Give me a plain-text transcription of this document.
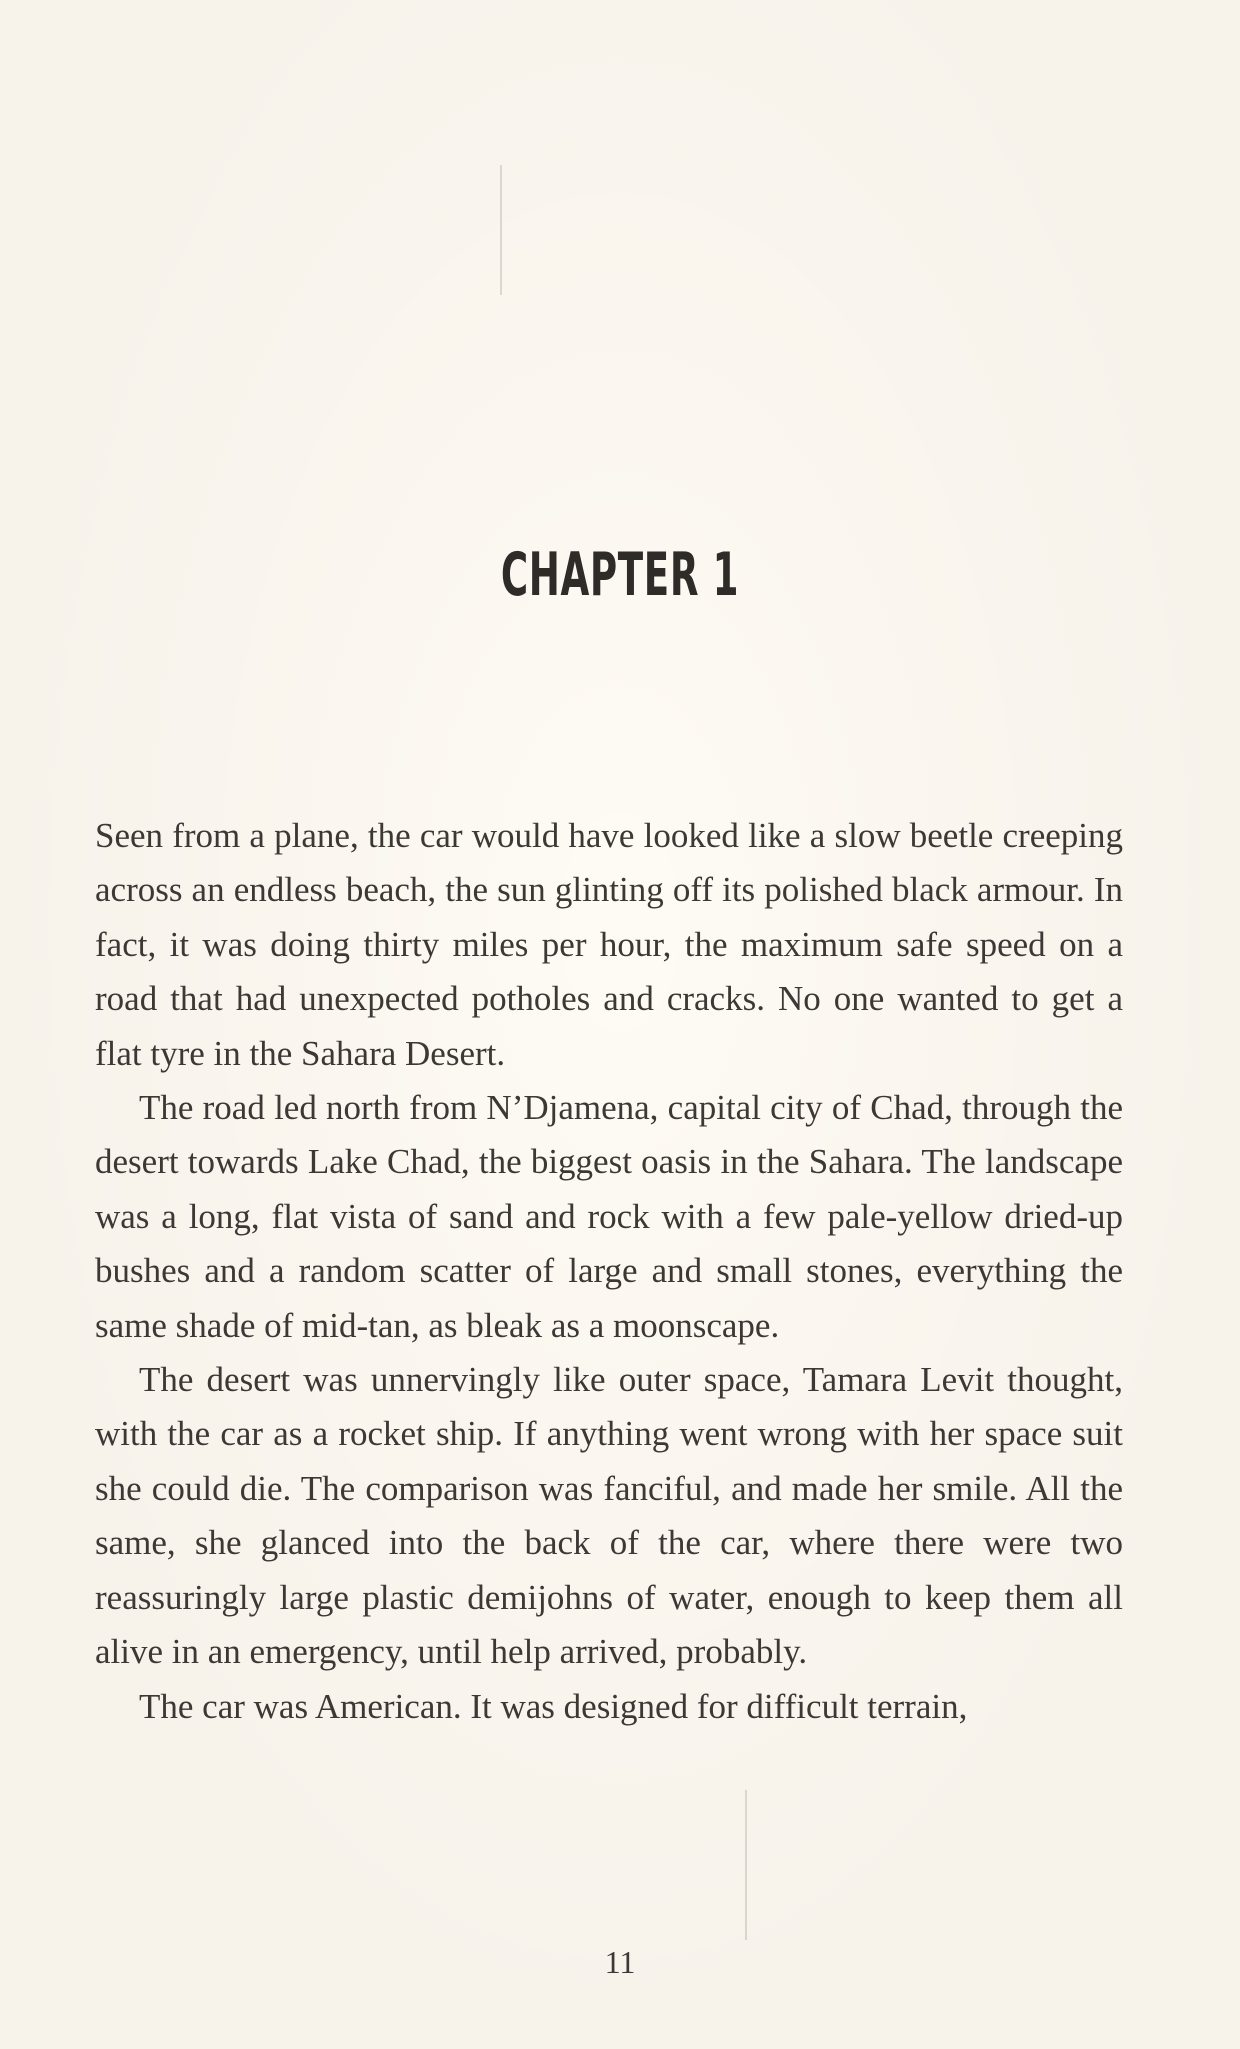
CHAPTER 1

Seen from a plane, the car would have looked like a slow beetle creeping across an endless beach, the sun glinting off its polished black armour. In fact, it was doing thirty miles per hour, the maximum safe speed on a road that had unexpected potholes and cracks. No one wanted to get a flat tyre in the Sahara Desert.

The road led north from N’Djamena, capital city of Chad, through the desert towards Lake Chad, the biggest oasis in the Sahara. The landscape was a long, flat vista of sand and rock with a few pale-yellow dried-up bushes and a random scatter of large and small stones, everything the same shade of mid-tan, as bleak as a moonscape.

The desert was unnervingly like outer space, Tamara Levit thought, with the car as a rocket ship. If anything went wrong with her space suit she could die. The comparison was fanciful, and made her smile. All the same, she glanced into the back of the car, where there were two reassuringly large plastic demijohns of water, enough to keep them all alive in an emergency, until help arrived, probably.

The car was American. It was designed for difficult terrain,

11
